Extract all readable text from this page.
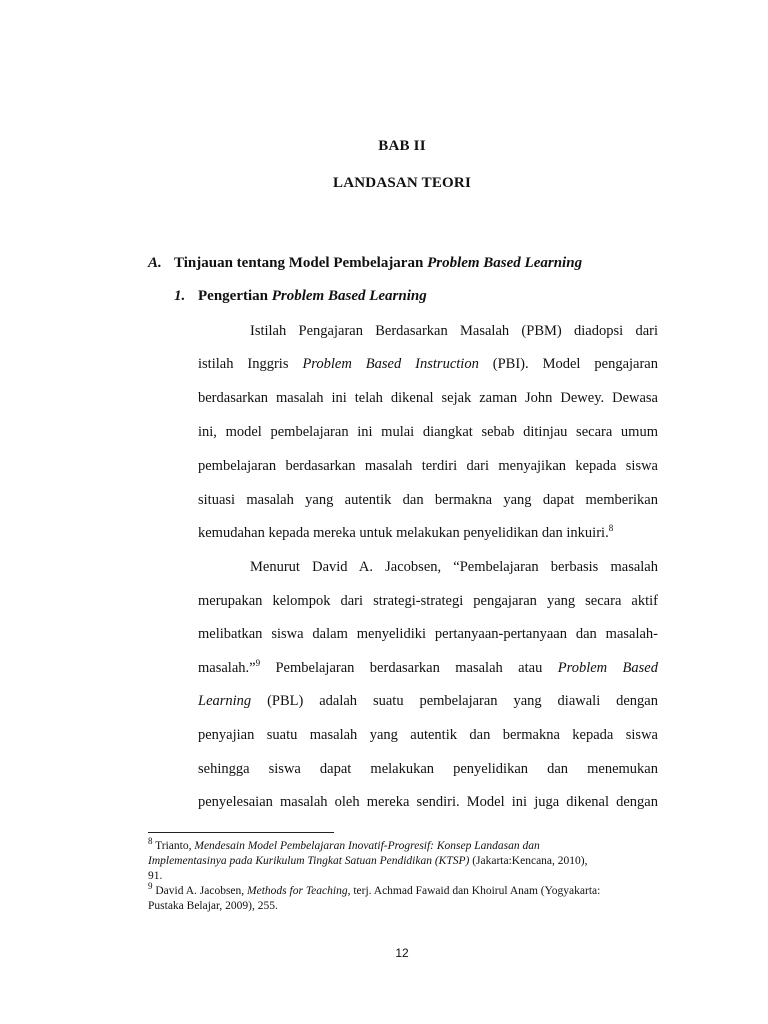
BAB II
LANDASAN TEORI
A. Tinjauan tentang Model Pembelajaran Problem Based Learning
1. Pengertian Problem Based Learning
Istilah Pengajaran Berdasarkan Masalah (PBM) diadopsi dari
istilah Inggris Problem Based Instruction (PBI). Model pengajaran
berdasarkan masalah ini telah dikenal sejak zaman John Dewey. Dewasa
ini, model pembelajaran ini mulai diangkat sebab ditinjau secara umum
pembelajaran berdasarkan masalah terdiri dari menyajikan kepada siswa
situasi masalah yang autentik dan bermakna yang dapat memberikan
kemudahan kepada mereka untuk melakukan penyelidikan dan inkuiri.$^8$
Menurut David A. Jacobsen, “Pembelajaran berbasis masalah
merupakan kelompok dari strategi-strategi pengajaran yang secara aktif
melibatkan siswa dalam menyelidiki pertanyaan-pertanyaan dan masalah-
masalah.”$^9$ Pembelajaran berdasarkan masalah atau Problem Based
Learning (PBL) adalah suatu pembelajaran yang diawali dengan
penyajian suatu masalah yang autentik dan bermakna kepada siswa
sehingga siswa dapat melakukan penyelidikan dan menemukan
penyelesaian masalah oleh mereka sendiri. Model ini juga dikenal dengan
$^8$ Trianto, Mendesain Model Pembelajaran Inovatif-Progresif: Konsep Landasan dan
Implementasinya pada Kurikulum Tingkat Satuan Pendidikan (KTSP) (Jakarta:Kencana, 2010),
91.
$^9$ David A. Jacobsen, Methods for Teaching, terj. Achmad Fawaid dan Khoirul Anam (Yogyakarta:
Pustaka Belajar, 2009), 255.
12
